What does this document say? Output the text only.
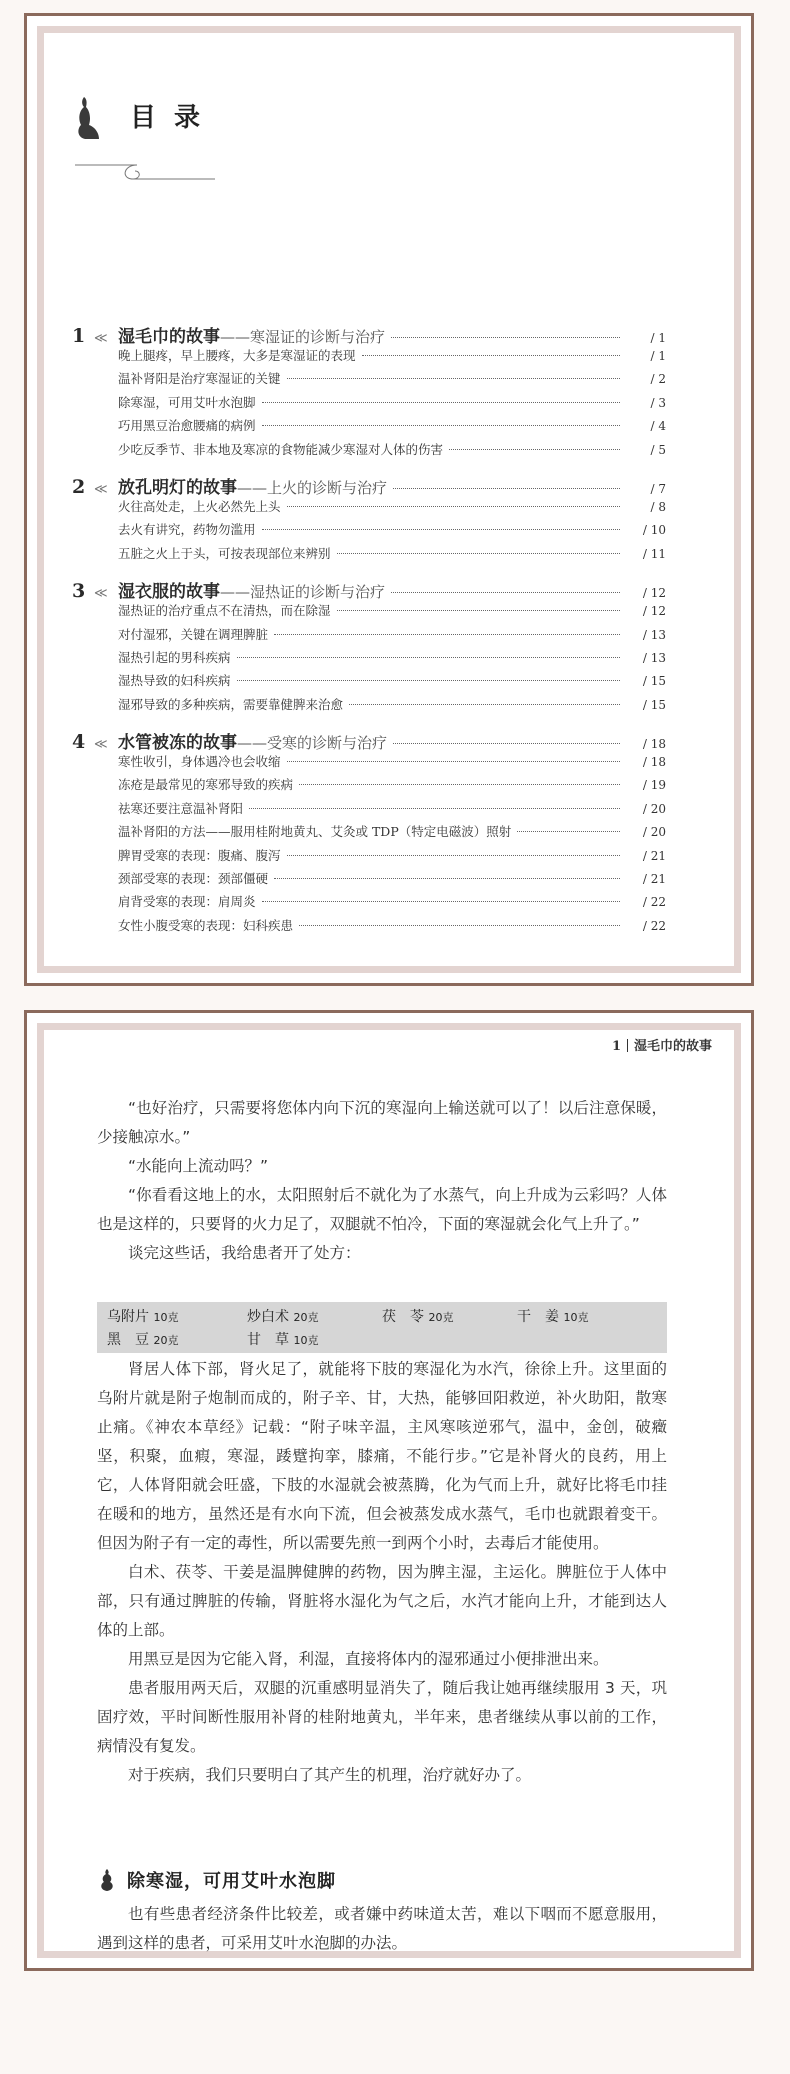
目录
1 ≪ 湿毛巾的故事 ——寒湿证的诊断与治疗	/ 1
晚上腿疼，早上腰疼，大多是寒湿证的表现	/ 1
温补肾阳是治疗寒湿证的关键	/ 2
除寒湿，可用艾叶水泡脚	/ 3
巧用黑豆治愈腰痛的病例	/ 4
少吃反季节、非本地及寒凉的食物能减少寒湿对人体的伤害	/ 5
2 ≪ 放孔明灯的故事 ——上火的诊断与治疗	/ 7
火往高处走，上火必然先上头	/ 8
去火有讲究，药物勿滥用	/ 10
五脏之火上于头，可按表现部位来辨别	/ 11
3 ≪ 湿衣服的故事 ——湿热证的诊断与治疗	/ 12
湿热证的治疗重点不在清热，而在除湿	/ 12
对付湿邪，关键在调理脾脏	/ 13
湿热引起的男科疾病	/ 13
湿热导致的妇科疾病	/ 15
湿邪导致的多种疾病，需要靠健脾来治愈	/ 15
4 ≪ 水管被冻的故事 ——受寒的诊断与治疗	/ 18
寒性收引，身体遇冷也会收缩	/ 18
冻疮是最常见的寒邪导致的疾病	/ 19
祛寒还要注意温补肾阳	/ 20
温补肾阳的方法——服用桂附地黄丸、艾灸或 TDP（特定电磁波）照射	/ 20
脾胃受寒的表现：腹痛、腹泻	/ 21
颈部受寒的表现：颈部僵硬	/ 21
肩背受寒的表现：肩周炎	/ 22
女性小腹受寒的表现：妇科疾患	/ 22
1 湿毛巾的故事

“也好治疗，只需要将您体内向下沉的寒湿向上输送就可以了！以后注意保暖，少接触凉水。”

“水能向上流动吗？”

“你看看这地上的水，太阳照射后不就化为了水蒸气，向上升成为云彩吗？人体也是这样的，只要肾的火力足了，双腿就不怕冷，下面的寒湿就会化气上升了。”

谈完这些话，我给患者开了处方：

乌附片 10克	炒白术 20克	茯　苓 20克	干　姜 10克
黑　豆 20克	甘　草 10克

肾居人体下部，肾火足了，就能将下肢的寒湿化为水汽，徐徐上升。这里面的乌附片就是附子炮制而成的，附子辛、甘，大热，能够回阳救逆，补火助阳，散寒止痛。《神农本草经》记载：“附子味辛温，主风寒咳逆邪气，温中，金创，破癥坚，积聚，血瘕，寒湿，踒躄拘挛，膝痛，不能行步。”它是补肾火的良药，用上它，人体肾阳就会旺盛，下肢的水湿就会被蒸腾，化为气而上升，就好比将毛巾挂在暖和的地方，虽然还是有水向下流，但会被蒸发成水蒸气，毛巾也就跟着变干。但因为附子有一定的毒性，所以需要先煎一到两个小时，去毒后才能使用。

白术、茯苓、干姜是温脾健脾的药物，因为脾主湿，主运化。脾脏位于人体中部，只有通过脾脏的传输，肾脏将水湿化为气之后，水汽才能向上升，才能到达人体的上部。

用黑豆是因为它能入肾，利湿，直接将体内的湿邪通过小便排泄出来。

患者服用两天后，双腿的沉重感明显消失了，随后我让她再继续服用 3 天，巩固疗效，平时间断性服用补肾的桂附地黄丸，半年来，患者继续从事以前的工作，病情没有复发。

对于疾病，我们只要明白了其产生的机理，治疗就好办了。

除寒湿，可用艾叶水泡脚

也有些患者经济条件比较差，或者嫌中药味道太苦，难以下咽而不愿意服用，遇到这样的患者，可采用艾叶水泡脚的办法。
